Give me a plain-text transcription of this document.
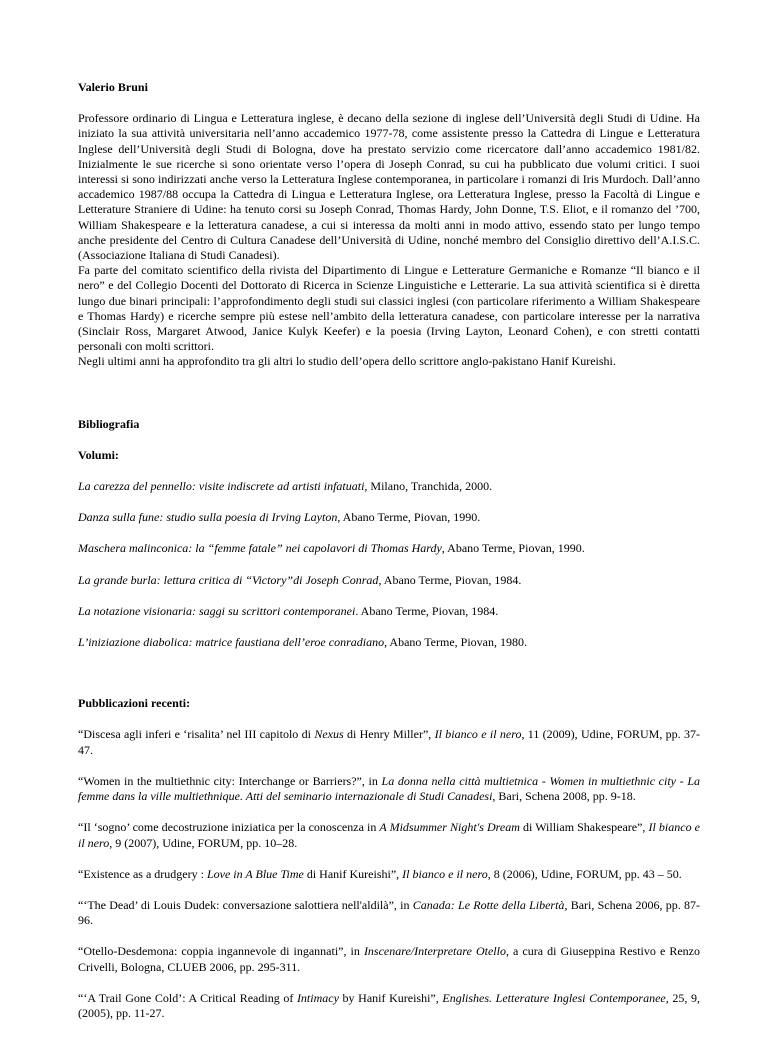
Valerio Bruni

Professore ordinario di Lingua e Letteratura inglese, è decano della sezione di inglese dell’Università degli Studi di Udine. Ha iniziato la sua attività universitaria nell’anno accademico 1977-78, come assistente presso la Cattedra di Lingue e Letteratura Inglese dell’Università degli Studi di Bologna, dove ha prestato servizio come ricercatore dall’anno accademico 1981/82. Inizialmente le sue ricerche si sono orientate verso l’opera di Joseph Conrad, su cui ha pubblicato due volumi critici. I suoi interessi si sono indirizzati anche verso la Letteratura Inglese contemporanea, in particolare i romanzi di Iris Murdoch. Dall’anno accademico 1987/88 occupa la Cattedra di Lingua e Letteratura Inglese, ora Letteratura Inglese, presso la Facoltà di Lingue e Letterature Straniere di Udine: ha tenuto corsi su Joseph Conrad, Thomas Hardy, John Donne, T.S. Eliot, e il romanzo del ’700, William Shakespeare e la letteratura canadese, a cui si interessa da molti anni in modo attivo, essendo stato per lungo tempo anche presidente del Centro di Cultura Canadese dell’Università di Udine, nonché membro del Consiglio direttivo dell’A.I.S.C. (Associazione Italiana di Studi Canadesi).

Fa parte del comitato scientifico della rivista del Dipartimento di Lingue e Letterature Germaniche e Romanze “Il bianco e il nero” e del Collegio Docenti del Dottorato di Ricerca in Scienze Linguistiche e Letterarie. La sua attività scientifica si è diretta lungo due binari principali: l’approfondimento degli studi sui classici inglesi (con particolare riferimento a William Shakespeare e Thomas Hardy) e ricerche sempre più estese nell’ambito della letteratura canadese, con particolare interesse per la narrativa (Sinclair Ross, Margaret Atwood, Janice Kulyk Keefer) e la poesia (Irving Layton, Leonard Cohen), e con stretti contatti personali con molti scrittori.

Negli ultimi anni ha approfondito tra gli altri lo studio dell’opera dello scrittore anglo-pakistano Hanif Kureishi.

Bibliografia

Volumi:

La carezza del pennello: visite indiscrete ad artisti infatuati, Milano, Tranchida, 2000.

Danza sulla fune: studio sulla poesia di Irving Layton, Abano Terme, Piovan, 1990.

Maschera malinconica: la “femme fatale” nei capolavori di Thomas Hardy, Abano Terme, Piovan, 1990.

La grande burla: lettura critica di “Victory”di Joseph Conrad, Abano Terme, Piovan, 1984.

La notazione visionaria: saggi su scrittori contemporanei. Abano Terme, Piovan, 1984.

L’iniziazione diabolica: matrice faustiana dell’eroe conradiano, Abano Terme, Piovan, 1980.

Pubblicazioni recenti:

“Discesa agli inferi e ‘risalita’ nel III capitolo di Nexus di Henry Miller”, Il bianco e il nero, 11 (2009), Udine, FORUM, pp. 37-47.

“Women in the multiethnic city: Interchange or Barriers?”, in La donna nella città multietnica - Women in multiethnic city - La femme dans la ville multiethnique. Atti del seminario internazionale di Studi Canadesi, Bari, Schena 2008, pp. 9-18.

“Il ‘sogno’ come decostruzione iniziatica per la conoscenza in A Midsummer Night's Dream di William Shakespeare”, Il bianco e il nero, 9 (2007), Udine, FORUM, pp. 10–28.

“Existence as a drudgery : Love in A Blue Time di Hanif Kureishi”, Il bianco e il nero, 8 (2006), Udine, FORUM, pp. 43 – 50.

“‘The Dead’ di Louis Dudek: conversazione salottiera nell'aldilà”, in Canada: Le Rotte della Libertà, Bari, Schena 2006, pp. 87-96.

“Otello-Desdemona: coppia ingannevole di ingannati”, in Inscenare/Interpretare Otello, a cura di Giuseppina Restivo e Renzo Crivelli, Bologna, CLUEB 2006, pp. 295-311.

“‘A Trail Gone Cold’: A Critical Reading of Intimacy by Hanif Kureishi”, Englishes. Letterature Inglesi Contemporanee, 25, 9, (2005), pp. 11-27.
